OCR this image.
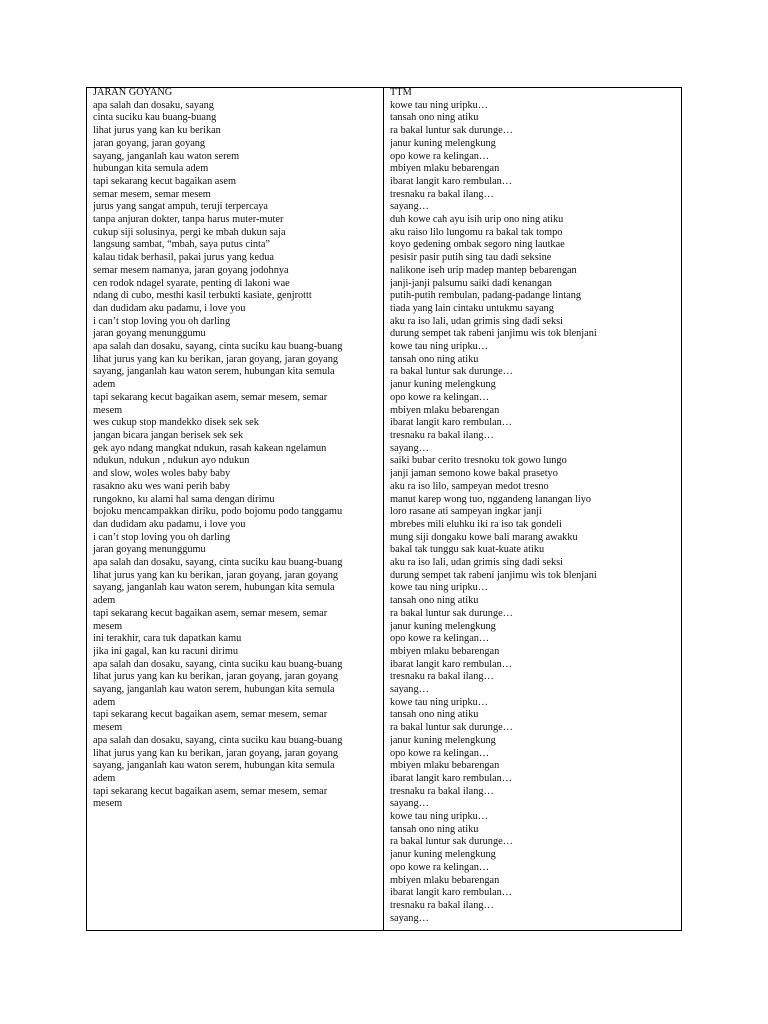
JARAN GOYANG
apa salah dan dosaku, sayang
cinta suciku kau buang-buang
lihat jurus yang kan ku berikan
jaran goyang, jaran goyang
sayang, janganlah kau waton serem
hubungan kita semula adem
tapi sekarang kecut bagaikan asem
semar mesem, semar mesem
jurus yang sangat ampuh, teruji terpercaya
tanpa anjuran dokter, tanpa harus muter-muter
cukup siji solusinya, pergi ke mbah dukun saja
langsung sambat, “mbah, saya putus cinta”
kalau tidak berhasil, pakai jurus yang kedua
semar mesem namanya, jaran goyang jodohnya
cen rodok ndagel syarate, penting di lakoni wae
ndang di cubo, mesthi kasil terbukti kasiate, genjrottt
dan dudidam aku padamu, i love you
i can’t stop loving you oh darling
jaran goyang menunggumu
apa salah dan dosaku, sayang, cinta suciku kau buang-buang
lihat jurus yang kan ku berikan, jaran goyang, jaran goyang
sayang, janganlah kau waton serem, hubungan kita semula
adem
tapi sekarang kecut bagaikan asem, semar mesem, semar
mesem
wes cukup stop mandekko disek sek sek
jangan bicara jangan berisek sek sek
gek ayo ndang mangkat ndukun, rasah kakean ngelamun
ndukun, ndukun , ndukun ayo ndukun
and slow, woles woles baby baby
rasakno aku wes wani perih baby
rungokno, ku alami hal sama dengan dirimu
bojoku mencampakkan diriku, podo bojomu podo tanggamu
dan dudidam aku padamu, i love you
i can’t stop loving you oh darling
jaran goyang menunggumu
apa salah dan dosaku, sayang, cinta suciku kau buang-buang
lihat jurus yang kan ku berikan, jaran goyang, jaran goyang
sayang, janganlah kau waton serem, hubungan kita semula
adem
tapi sekarang kecut bagaikan asem, semar mesem, semar
mesem
ini terakhir, cara tuk dapatkan kamu
jika ini gagal, kan ku racuni dirimu
apa salah dan dosaku, sayang, cinta suciku kau buang-buang
lihat jurus yang kan ku berikan, jaran goyang, jaran goyang
sayang, janganlah kau waton serem, hubungan kita semula
adem
tapi sekarang kecut bagaikan asem, semar mesem, semar
mesem
apa salah dan dosaku, sayang, cinta suciku kau buang-buang
lihat jurus yang kan ku berikan, jaran goyang, jaran goyang
sayang, janganlah kau waton serem, hubungan kita semula
adem
tapi sekarang kecut bagaikan asem, semar mesem, semar
mesem
TTM
kowe tau ning uripku…
tansah ono ning atiku
ra bakal luntur sak durunge…
janur kuning melengkung
opo kowe ra kelingan…
mbiyen mlaku bebarengan
ibarat langit karo rembulan…
tresnaku ra bakal ilang…
sayang…
duh kowe cah ayu isih urip ono ning atiku
aku raiso lilo lungomu ra bakal tak tompo
koyo gedening ombak segoro ning lautkae
pesisir pasir putih sing tau dadi seksine
nalikone iseh urip madep mantep bebarengan
janji-janji palsumu saiki dadi kenangan
putih-putih rembulan, padang-padange lintang
tiada yang lain cintaku untukmu sayang
aku ra iso lali, udan grimis sing dadi seksi
durung sempet tak rabeni janjimu wis tok blenjani
kowe tau ning uripku…
tansah ono ning atiku
ra bakal luntur sak durunge…
janur kuning melengkung
opo kowe ra kelingan…
mbiyen mlaku bebarengan
ibarat langit karo rembulan…
tresnaku ra bakal ilang…
sayang…
saiki bubar cerito tresnoku tok gowo lungo
janji jaman semono kowe bakal prasetyo
aku ra iso lilo, sampeyan medot tresno
manut karep wong tuo, nggandeng lanangan liyo
loro rasane ati sampeyan ingkar janji
mbrebes mili eluhku iki ra iso tak gondeli
mung siji dongaku kowe bali marang awakku
bakal tak tunggu sak kuat-kuate atiku
aku ra iso lali, udan grimis sing dadi seksi
durung sempet tak rabeni janjimu wis tok blenjani
kowe tau ning uripku…
tansah ono ning atiku
ra bakal luntur sak durunge…
janur kuning melengkung
opo kowe ra kelingan…
mbiyen mlaku bebarengan
ibarat langit karo rembulan…
tresnaku ra bakal ilang…
sayang…
kowe tau ning uripku…
tansah ono ning atiku
ra bakal luntur sak durunge…
janur kuning melengkung
opo kowe ra kelingan…
mbiyen mlaku bebarengan
ibarat langit karo rembulan…
tresnaku ra bakal ilang…
sayang…
kowe tau ning uripku…
tansah ono ning atiku
ra bakal luntur sak durunge…
janur kuning melengkung
opo kowe ra kelingan…
mbiyen mlaku bebarengan
ibarat langit karo rembulan…
tresnaku ra bakal ilang…
sayang…
